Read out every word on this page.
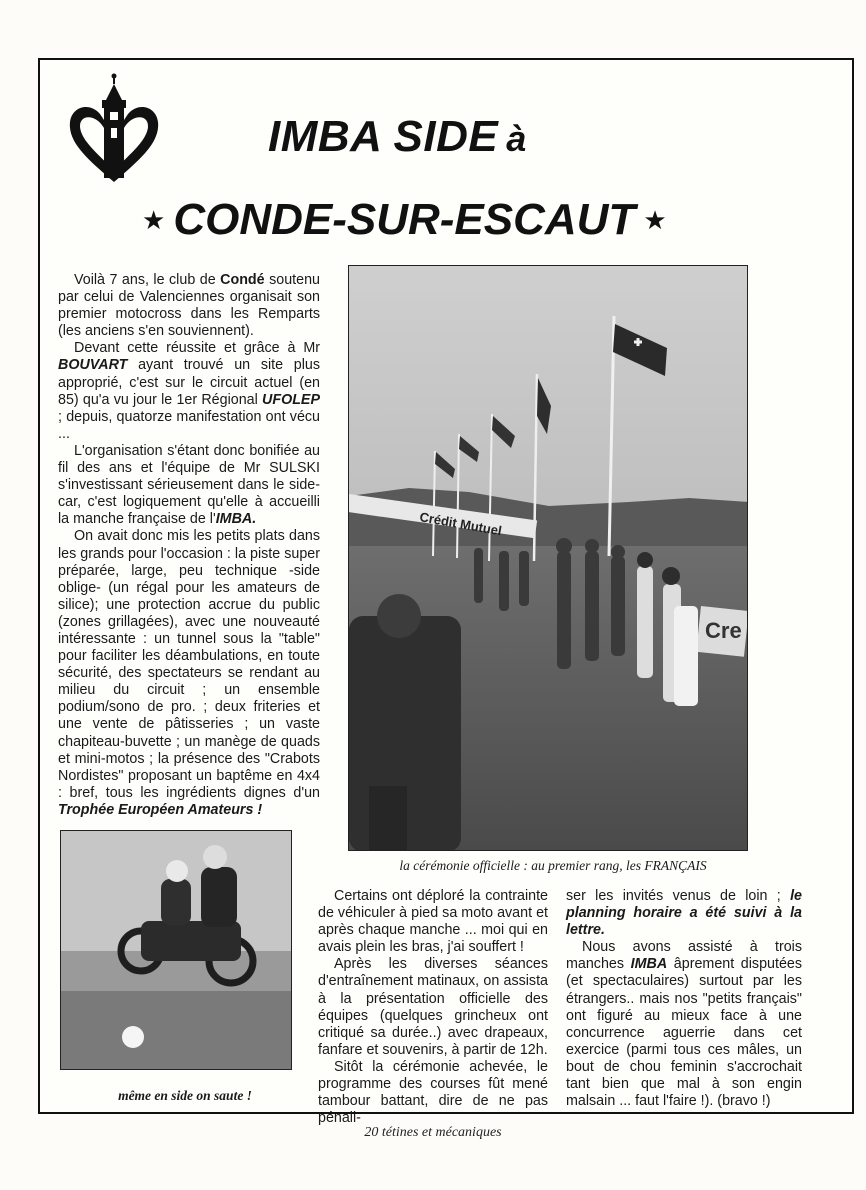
IMBA SIDE à
★ CONDE-SUR-ESCAUT ★

Voilà 7 ans, le club de Condé soutenu par celui de Valenciennes organisait son premier motocross dans les Remparts (les anciens s'en souviennent).

Devant cette réussite et grâce à Mr BOUVART ayant trouvé un site plus approprié, c'est sur le circuit actuel (en 85) qu'a vu jour le 1er Régional UFOLEP ; depuis, quatorze manifestation ont vécu ...

L'organisation s'étant donc bonifiée au fil des ans et l'équipe de Mr SULSKI s'investissant sérieusement dans le side-car, c'est logiquement qu'elle à accueilli la manche française de l'IMBA.

On avait donc mis les petits plats dans les grands pour l'occasion : la piste super préparée, large, peu technique -side oblige- (un régal pour les amateurs de silice); une protection accrue du public (zones grillagées), avec une nouveauté intéressante : un tunnel sous la "table" pour faciliter les déambulations, en toute sécurité, des spectateurs se rendant au milieu du circuit ; un ensemble podium/sono de pro. ; deux friteries et une vente de pâtisseries ; un vaste chapiteau-buvette ; un manège de quads et mini-motos ; la présence des "Crabots Nordistes" proposant un baptême en 4x4 : bref, tous les ingrédients dignes d'un Trophée Européen Amateurs !

Crédit Mutuel
Cre
la cérémonie officielle : au premier rang, les FRANÇAIS
même en side on saute !

Certains ont déploré la contrainte de véhiculer à pied sa moto avant et après chaque manche ... moi qui en avais plein les bras, j'ai souffert !

Après les diverses séances d'entraînement matinaux, on assista à la présentation officielle des équipes (quelques grincheux ont critiqué sa durée..) avec drapeaux, fanfare et souvenirs, à partir de 12h.

Sitôt la cérémonie achevée, le programme des courses fût mené tambour battant, dire de ne pas pénali-

ser les invités venus de loin ; le planning horaire a été suivi à la lettre.

Nous avons assisté à trois manches IMBA âprement disputées (et spectaculaires) surtout par les étrangers.. mais nos "petits français" ont figuré au mieux face à une concurrence aguerrie dans cet exercice (parmi tous ces mâles, un bout de chou feminin s'accrochait tant bien que mal à son engin malsain ... faut l'faire !). (bravo !)

20 tétines et mécaniques
